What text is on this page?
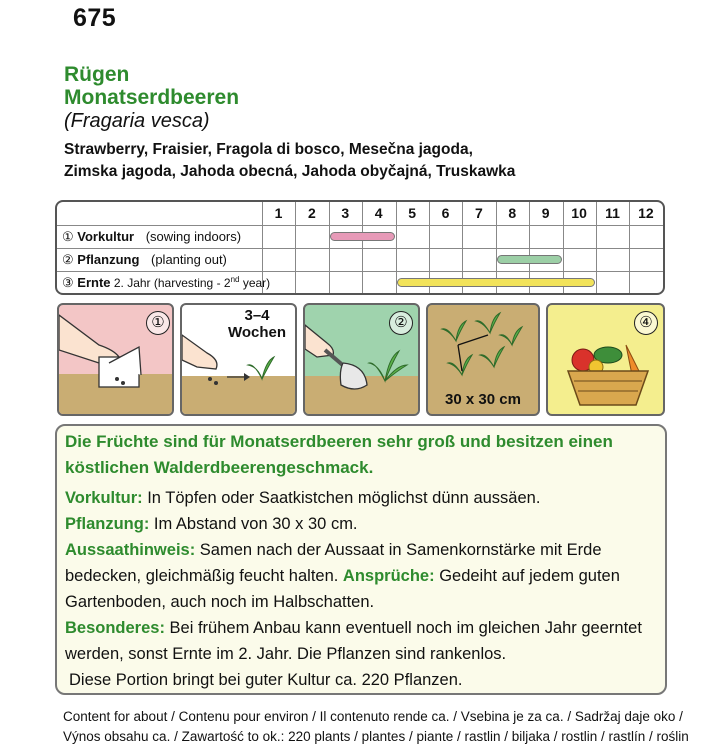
675
Rügen
Monatserdbeeren
(Fragaria vesca)
Strawberry, Fraisier, Fragola di bosco, Mesečna jagoda,
Zimska jagoda, Jahoda obecná, Jahoda obyčajná, Truskawka
1	2	3	4	5	6	7	8	9	10	11	12
① Vorkultur (sowing indoors)
② Pflanzung (planting out)
③ Ernte 2. Jahr (harvesting - 2nd year)
①	3–4
Wochen
②
30 x 30 cm
④
Die Früchte sind für Monatserdbeeren sehr groß und besitzen einen
köstlichen Walderdbeerengeschmack.
Vorkultur: In Töpfen oder Saatkistchen möglichst dünn aussäen.
Pflanzung: Im Abstand von 30 x 30 cm.
Aussaathinweis: Samen nach der Aussaat in Samenkornstärke mit Erde
bedecken, gleichmäßig feucht halten. Ansprüche: Gedeiht auf jedem guten
Gartenboden, auch noch im Halbschatten.
Besonderes: Bei frühem Anbau kann eventuell noch im gleichen Jahr geerntet
werden, sonst Ernte im 2. Jahr. Die Pflanzen sind rankenlos.
Diese Portion bringt bei guter Kultur ca. 220 Pflanzen.
Content for about / Contenu pour environ / Il contenuto rende ca. / Vsebina je za ca. / Sadržaj daje oko /
Výnos obsahu ca. / Zawartość to ok.: 220 plants / plantes / piante / rastlin / biljaka / rostlin / rastlín / roślin
